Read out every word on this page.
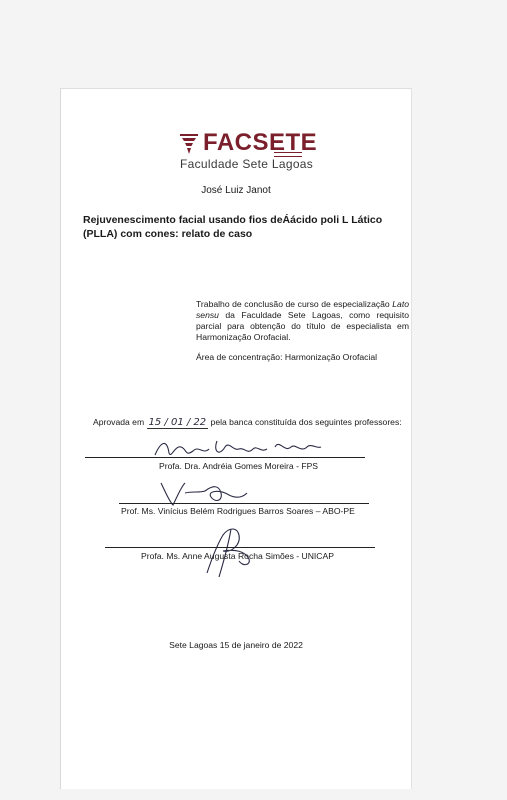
FACSETE
Faculdade Sete Lagoas
José Luiz Janot
Rejuvenescimento facial usando fios deÁácido poli L Lático (PLLA) com cones: relato de caso
Trabalho de conclusão de curso de especialização Lato sensu da Faculdade Sete Lagoas, como requisito parcial para obtenção do título de especialista em Harmonização Orofacial.
Área de concentração: Harmonização Orofacial
Aprovada em 15 / 01 / 22 pela banca constituída dos seguintes professores:
Profa. Dra. Andréia Gomes Moreira - FPS
Prof. Ms. Vinícius Belém Rodrigues Barros Soares – ABO-PE
Profa. Ms. Anne Augusta Rocha Simões - UNICAP
Sete Lagoas 15 de janeiro de 2022
